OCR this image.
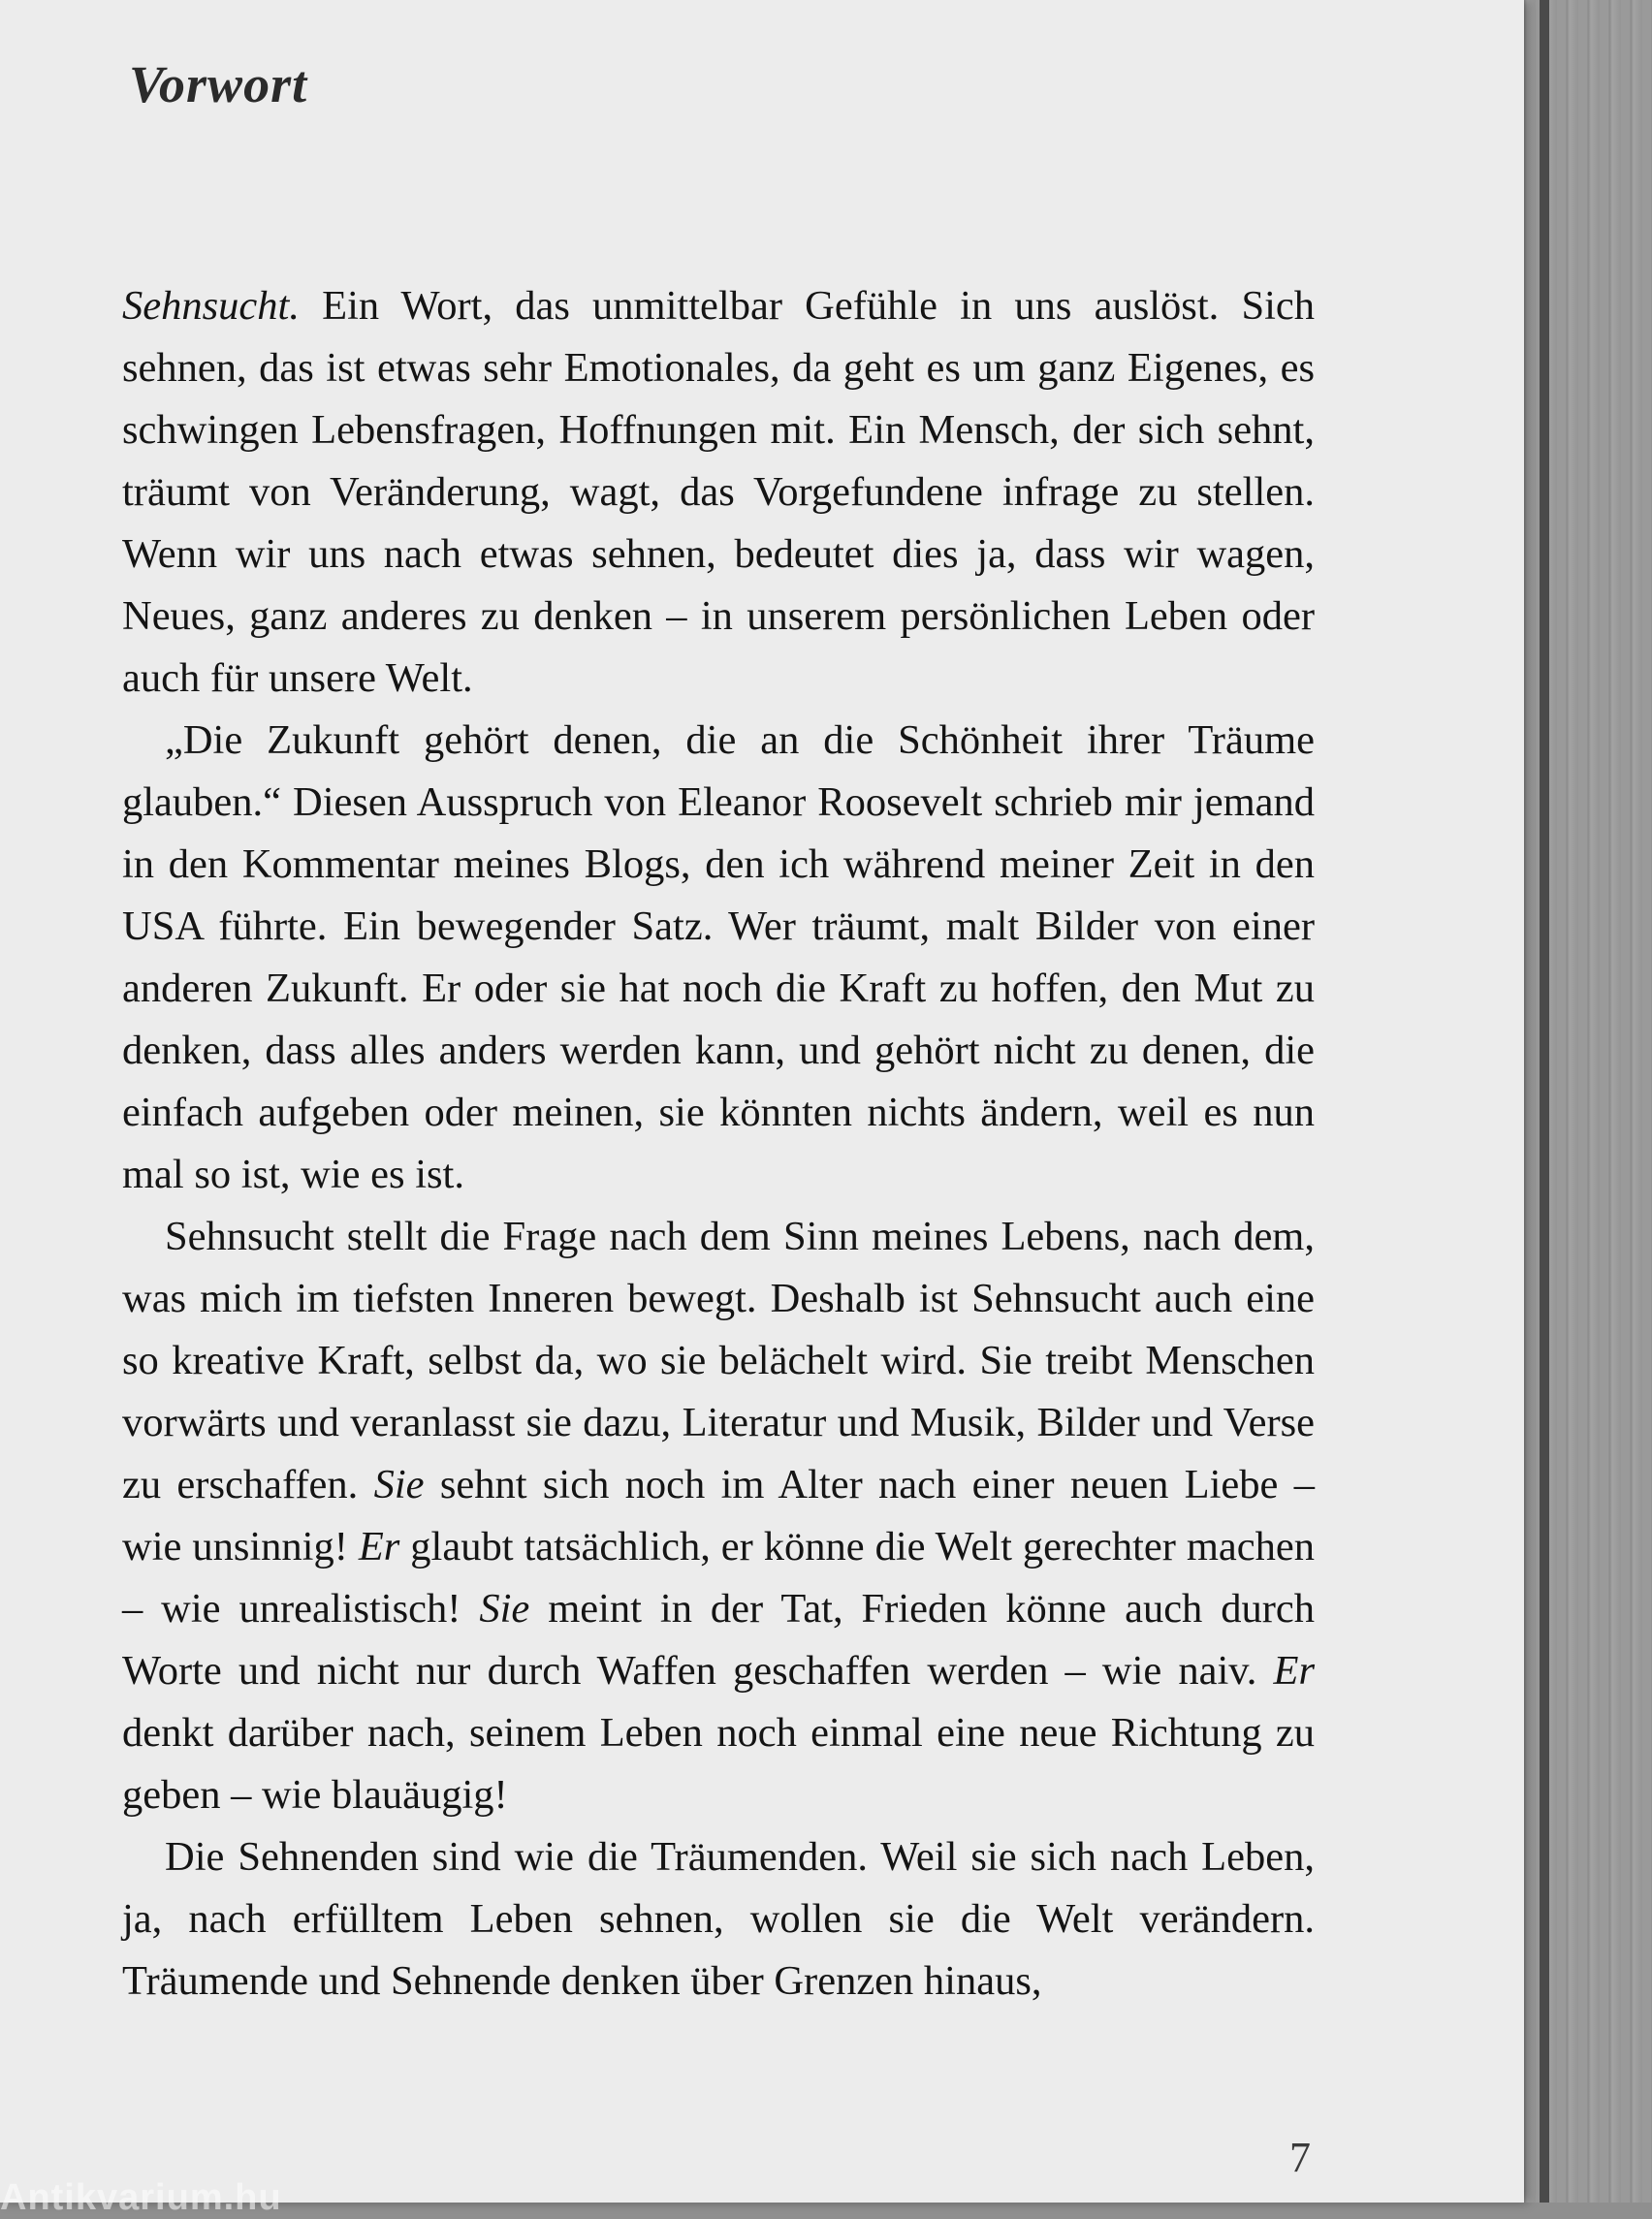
Vorwort

Sehnsucht. Ein Wort, das unmittelbar Gefühle in uns auslöst. Sich sehnen, das ist etwas sehr Emotionales, da geht es um ganz Eigenes, es schwingen Lebensfragen, Hoffnungen mit. Ein Mensch, der sich sehnt, träumt von Veränderung, wagt, das Vorgefundene infrage zu stellen. Wenn wir uns nach etwas sehnen, bedeutet dies ja, dass wir wagen, Neues, ganz anderes zu denken – in unserem persönlichen Leben oder auch für unsere Welt.

„Die Zukunft gehört denen, die an die Schönheit ihrer Träume glauben.“ Diesen Ausspruch von Eleanor Roosevelt schrieb mir jemand in den Kommentar meines Blogs, den ich während meiner Zeit in den USA führte. Ein bewegender Satz. Wer träumt, malt Bilder von einer anderen Zukunft. Er oder sie hat noch die Kraft zu hoffen, den Mut zu denken, dass alles anders werden kann, und gehört nicht zu denen, die einfach aufgeben oder meinen, sie könnten nichts ändern, weil es nun mal so ist, wie es ist.

Sehnsucht stellt die Frage nach dem Sinn meines Lebens, nach dem, was mich im tiefsten Inneren bewegt. Deshalb ist Sehnsucht auch eine so kreative Kraft, selbst da, wo sie belächelt wird. Sie treibt Menschen vorwärts und veranlasst sie dazu, Literatur und Musik, Bilder und Verse zu erschaffen. Sie sehnt sich noch im Alter nach einer neuen Liebe – wie unsinnig! Er glaubt tatsächlich, er könne die Welt gerechter machen – wie unrealistisch! Sie meint in der Tat, Frieden könne auch durch Worte und nicht nur durch Waffen geschaffen werden – wie naiv. Er denkt darüber nach, seinem Leben noch einmal eine neue Richtung zu geben – wie blauäugig!

Die Sehnenden sind wie die Träumenden. Weil sie sich nach Leben, ja, nach erfülltem Leben sehnen, wollen sie die Welt verändern. Träumende und Sehnende denken über Grenzen hinaus,

7
Antikvarium.hu
